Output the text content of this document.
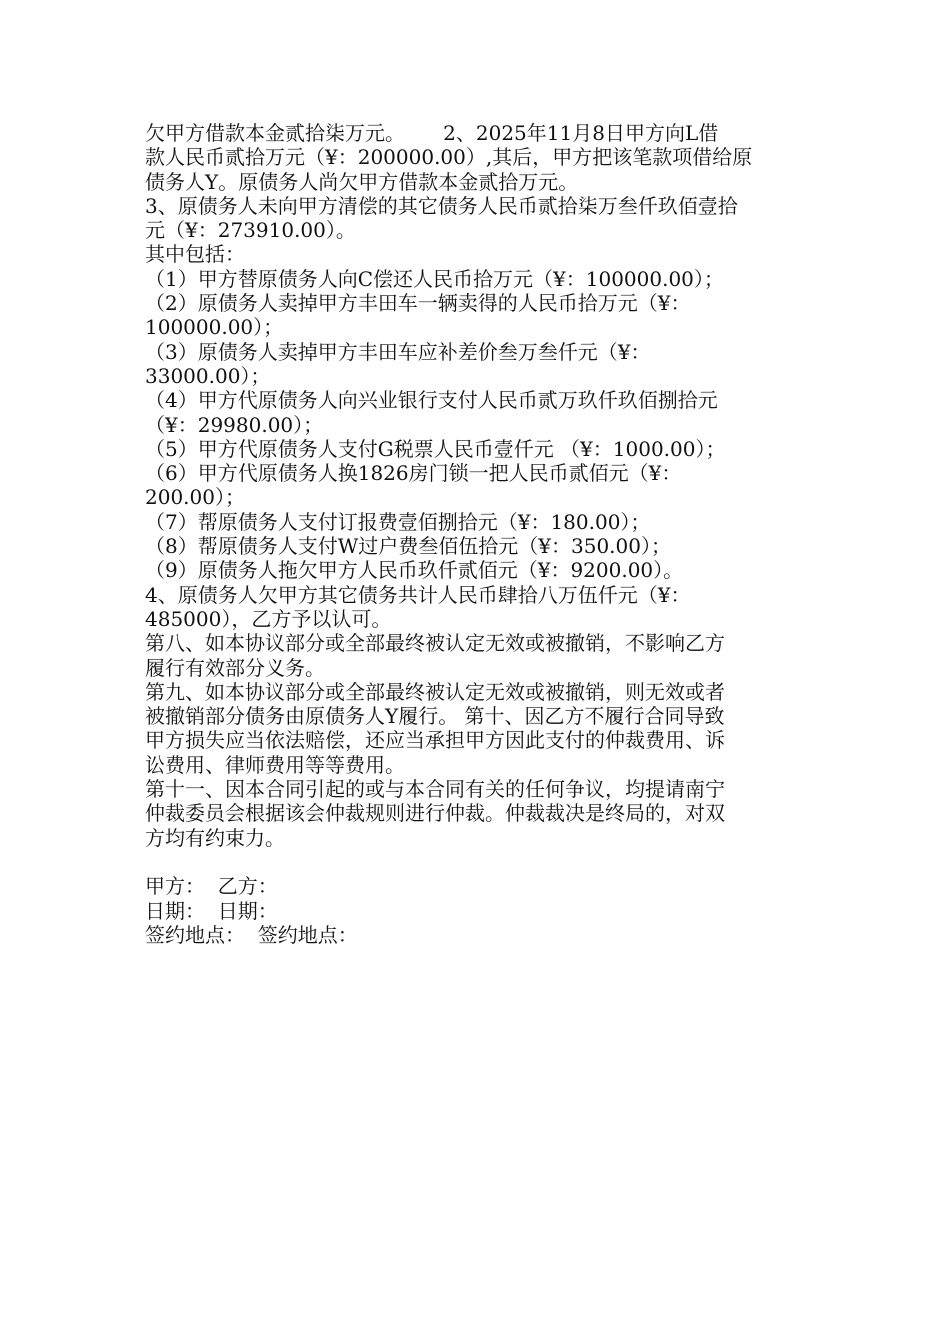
欠甲方借款本金贰拾柒万元。      2、2025年11月8日甲方向L借
款人民币贰拾万元（¥：200000.00）,其后，甲方把该笔款项借给原
债务人Y。原债务人尚欠甲方借款本金贰拾万元。
3、原债务人未向甲方清偿的其它债务人民币贰拾柒万叁仟玖佰壹拾
元（¥：273910.00）。
其中包括：
（1）甲方替原债务人向C偿还人民币拾万元（¥：100000.00）；
（2）原债务人卖掉甲方丰田车一辆卖得的人民币拾万元（¥：
100000.00）；
（3）原债务人卖掉甲方丰田车应补差价叁万叁仟元（¥：
33000.00）；
（4）甲方代原债务人向兴业银行支付人民币贰万玖仟玖佰捌拾元
（¥：29980.00）；
（5）甲方代原债务人支付G税票人民币壹仟元 （¥：1000.00）；
（6）甲方代原债务人换1826房门锁一把人民币贰佰元（¥：
200.00）；
（7）帮原债务人支付订报费壹佰捌拾元（¥：180.00）；
（8）帮原债务人支付W过户费叁佰伍拾元（¥：350.00）；
（9）原债务人拖欠甲方人民币玖仟贰佰元（¥：9200.00）。
4、原债务人欠甲方其它债务共计人民币肆拾八万伍仟元（¥：
485000），乙方予以认可。
第八、如本协议部分或全部最终被认定无效或被撤销，不影响乙方
履行有效部分义务。
第九、如本协议部分或全部最终被认定无效或被撤销，则无效或者
被撤销部分债务由原债务人Y履行。 第十、因乙方不履行合同导致
甲方损失应当依法赔偿，还应当承担甲方因此支付的仲裁费用、诉
讼费用、律师费用等等费用。
第十一、因本合同引起的或与本合同有关的任何争议，均提请南宁
仲裁委员会根据该会仲裁规则进行仲裁。仲裁裁决是终局的，对双
方均有约束力。
甲方：  乙方：
日期：  日期：
签约地点：  签约地点：
